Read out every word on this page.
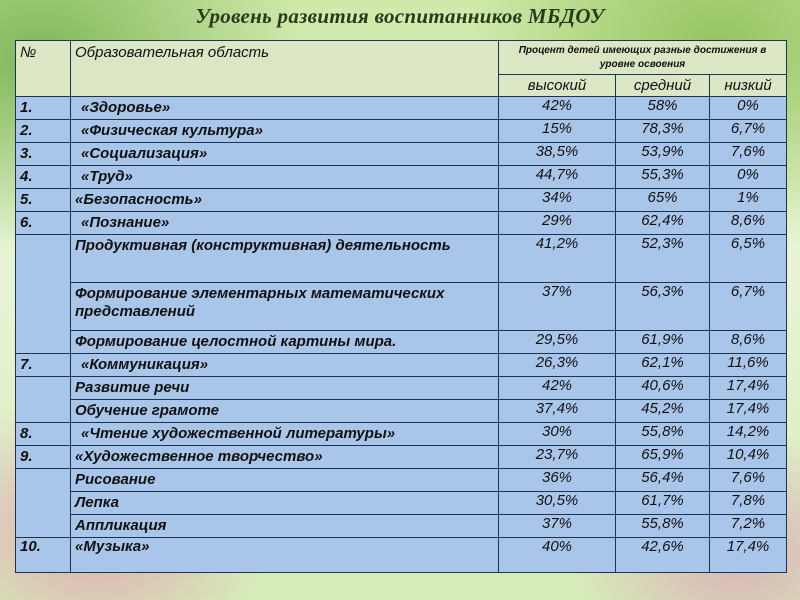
Уровень развития воспитанников МБДОУ
№	Образовательная область	Процент детей имеющих разные достижения в уровне освоения		
		высокий	средний	низкий
1.	«Здоровье»	42%	58%	0%
2.	«Физическая культура»	15%	78,3%	6,7%
3.	«Социализация»	38,5%	53,9%	7,6%
4.	«Труд»	44,7%	55,3%	0%
5.	«Безопасность»	34%	65%	1%
6.	«Познание»	29%	62,4%	8,6%
	Продуктивная (конструктивная) деятельность	41,2%	52,3%	6,5%
	Формирование элементарных математических представлений	37%	56,3%	6,7%
	Формирование целостной картины мира.	29,5%	61,9%	8,6%
7.	«Коммуникация»	26,3%	62,1%	11,6%
	Развитие речи	42%	40,6%	17,4%
	Обучение грамоте	37,4%	45,2%	17,4%
8.	«Чтение художественной литературы»	30%	55,8%	14,2%
9.	«Художественное творчество»	23,7%	65,9%	10,4%
	Рисование	36%	56,4%	7,6%
	Лепка	30,5%	61,7%	7,8%
	Аппликация	37%	55,8%	7,2%
10.	«Музыка»	40%	42,6%	17,4%
